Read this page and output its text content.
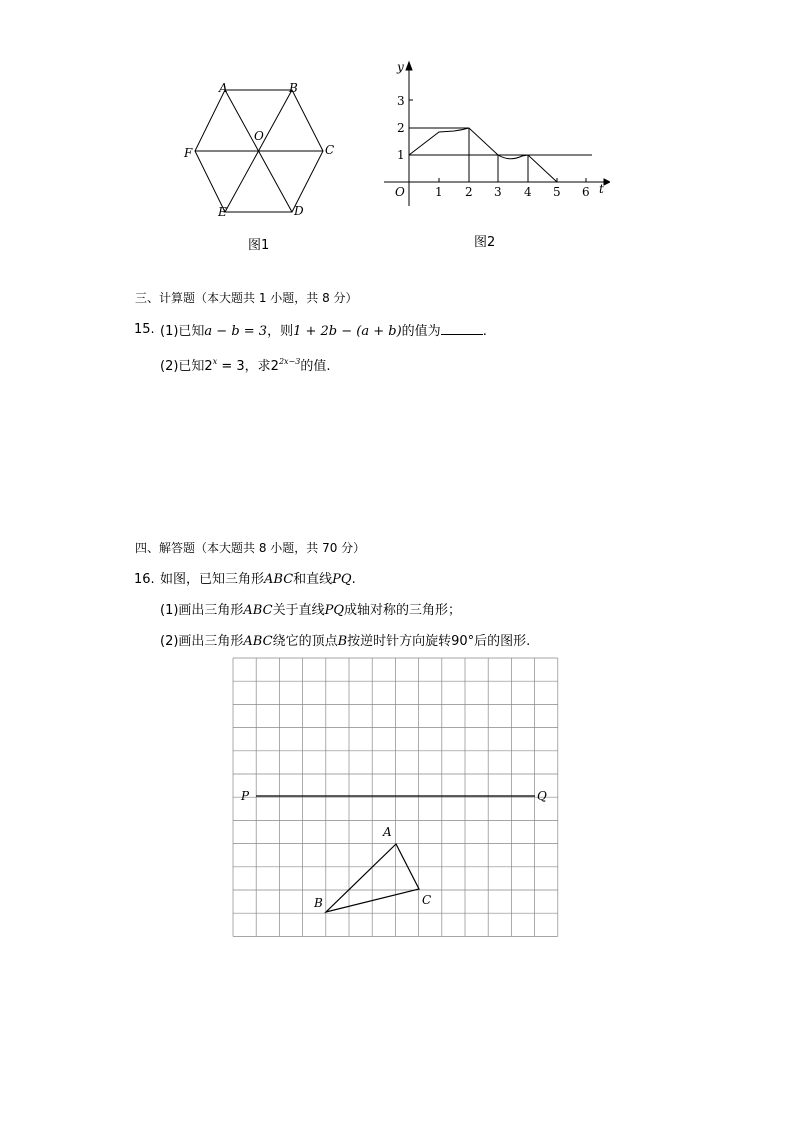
A	B
C
D
E
F
O
图1
y
t
O	1 2 3 4 5 6
1
2
3
图2
三、计算题（本大题共 1 小题，共 8 分）
15. (1)已知a − b = 3，则1 + 2b − (a + b)的值为	.
(2)已知$2^x = 3$，求$2^{2x-3}$的值.
四、解答题（本大题共 8 小题，共 70 分）
16. 如图，已知三角形ABC和直线PQ.
(1)画出三角形ABC关于直线PQ成轴对称的三角形；
(2)画出三角形ABC绕它的顶点B按逆时针方向旋转90°后的图形.
P	Q
A
B	C
